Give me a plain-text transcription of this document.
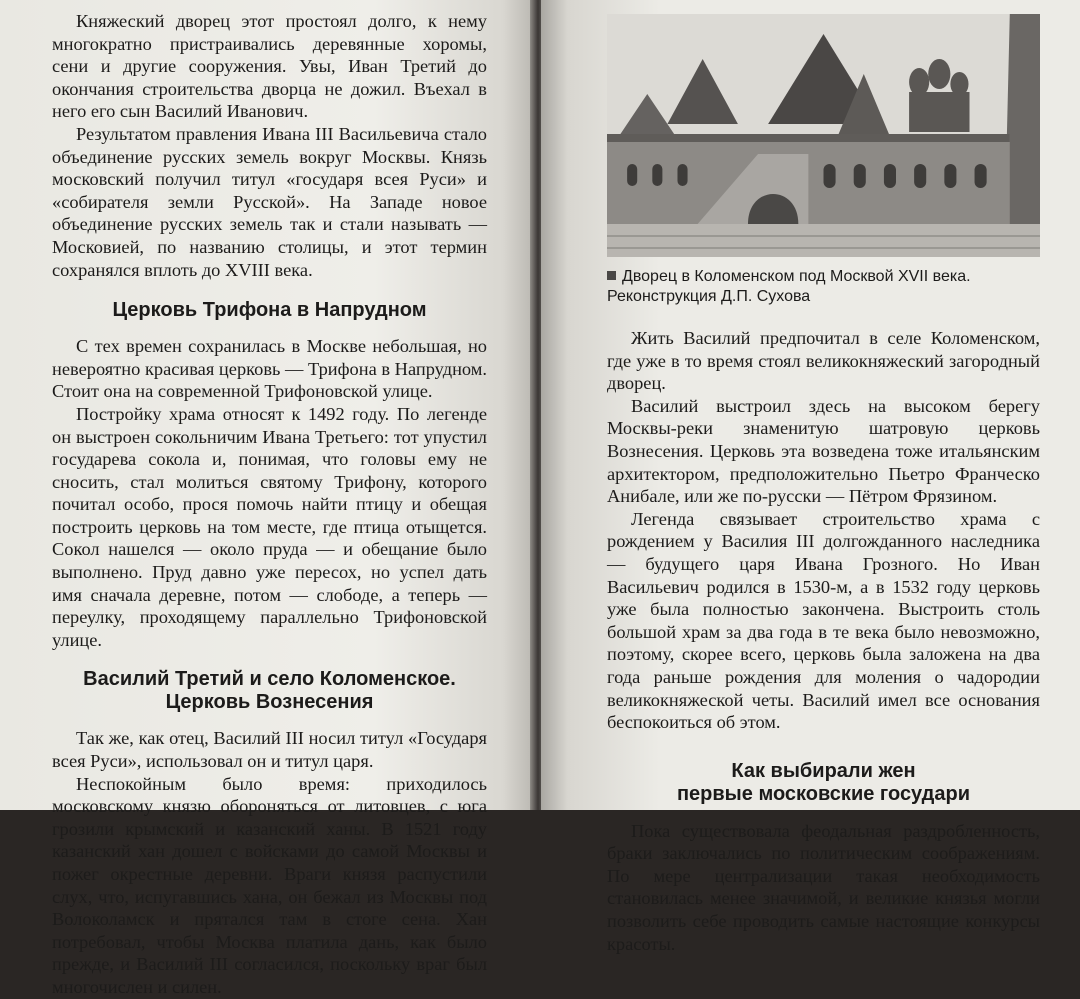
Княжеский дворец этот простоял долго, к нему многократно пристраивались деревянные хоромы, сени и другие сооружения. Увы, Иван Третий до окончания строительства дворца не дожил. Въехал в него его сын Василий Иванович.

Результатом правления Ивана III Васильевича стало объединение русских земель вокруг Москвы. Князь московский получил титул «государя всея Руси» и «собирателя земли Русской». На Западе новое объединение русских земель так и стали называть — Московией, по названию столицы, и этот термин сохранялся вплоть до XVIII века.

Церковь Трифона в Напрудном

С тех времен сохранилась в Москве небольшая, но невероятно красивая церковь — Трифона в Напрудном. Стоит она на современной Трифоновской улице.

Постройку храма относят к 1492 году. По легенде он выстроен сокольничим Ивана Третьего: тот упустил государева сокола и, понимая, что головы ему не сносить, стал молиться святому Трифону, которого почитал особо, прося помочь найти птицу и обещая построить церковь на том месте, где птица отыщется. Сокол нашелся — около пруда — и обещание было выполнено. Пруд давно уже пересох, но успел дать имя сначала деревне, потом — слободе, а теперь — переулку, проходящему параллельно Трифоновской улице.

Василий Третий и село Коломенское.
Церковь Вознесения

Так же, как отец, Василий III носил титул «Государя всея Руси», использовал он и титул царя.

Неспокойным было время: приходилось московскому князю обороняться от литовцев, с юга грозили крымский и казанский ханы. В 1521 году казанский хан дошел с войсками до самой Москвы и пожег окрестные деревни. Враги князя распустили слух, что, испугавшись хана, он бежал из Москвы под Волоколамск и прятался там в стоге сена. Хан потребовал, чтобы Москва платила дань, как было прежде, и Василий III согласился, поскольку враг был многочислен и силен.

Дворец в Коломенском под Москвой XVII века.
Реконструкция Д.П. Сухова

Жить Василий предпочитал в селе Коломенском, где уже в то время стоял великокняжеский загородный дворец.

Василий выстроил здесь на высоком берегу Москвы-реки знаменитую шатровую церковь Вознесения. Церковь эта возведена тоже итальянским архитектором, предположительно Пьетро Франческо Анибале, или же по-русски — Пётром Фрязином.

Легенда связывает строительство храма с рождением у Василия III долгожданного наследника — будущего царя Ивана Грозного. Но Иван Васильевич родился в 1530-м, а в 1532 году церковь уже была полностью закончена. Выстроить столь большой храм за два года в те века было невозможно, поэтому, скорее всего, церковь была заложена на два года раньше рождения для моления о чадородии великокняжеской четы. Василий имел все основания беспокоиться об этом.

Как выбирали жен
первые московские государи

Пока существовала феодальная раздробленность, браки заключались по политическим соображениям. По мере централизации такая необходимость становилась менее значимой, и великие князья могли позволить себе проводить самые настоящие конкурсы красоты.
